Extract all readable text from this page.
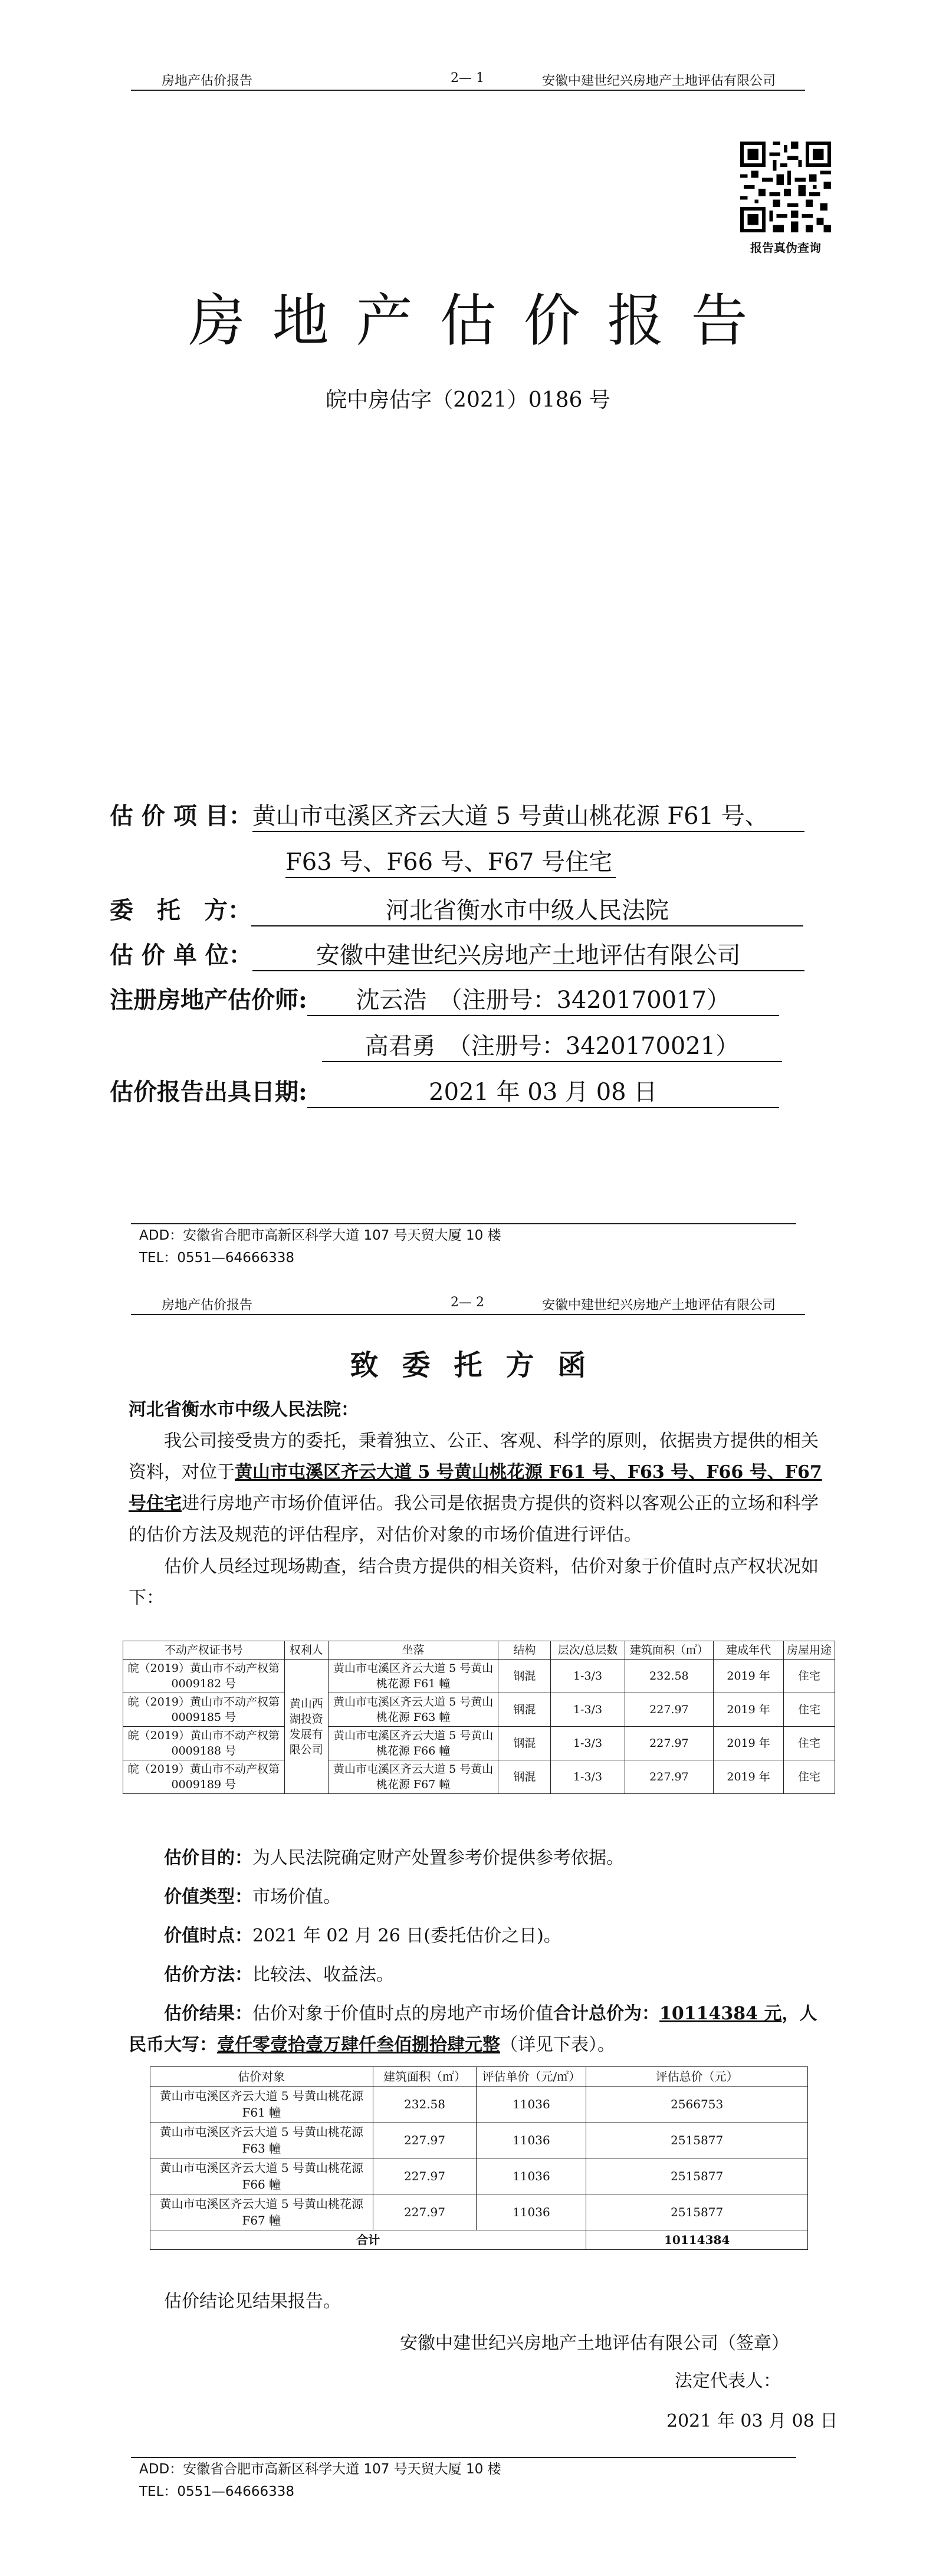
房地产估价报告	2— 1	安徽中建世纪兴房地产土地评估有限公司
报告真伪查询
房地产估价报告
皖中房估字（2021）0186 号
估 价 项 目：黄山市屯溪区齐云大道 5 号黄山桃花源 F61 号、
F63 号、F66 号、F67 号住宅
委　托　方：	河北省衡水市中级人民法院
估 价 单 位：	安徽中建世纪兴房地产土地评估有限公司
注册房地产估价师: 沈云浩　（注册号：3420170017）
高君勇　（注册号：3420170021）
估价报告出具日期:	2021 年 03 月 08 日
ADD：安徽省合肥市高新区科学大道 107 号天贸大厦 10 楼
TEL：0551—64666338
房地产估价报告	2— 2	安徽中建世纪兴房地产土地评估有限公司
致委托方函
河北省衡水市中级人民法院：
我公司接受贵方的委托，秉着独立、公正、客观、科学的原则，依据贵方提供的相关资料，对位于黄山市屯溪区齐云大道 5 号黄山桃花源 F61 号、F63 号、F66 号、F67 号住宅进行房地产市场价值评估。我公司是依据贵方提供的资料以客观公正的立场和科学的估价方法及规范的评估程序，对估价对象的市场价值进行评估。
估价人员经过现场勘查，结合贵方提供的相关资料，估价对象于价值时点产权状况如下：
不动产权证书号	权利人	坐落	结构	层次/总层数	建筑面积（㎡）	建成年代	房屋用途
皖（2019）黄山市不动产权第 0009182 号	黄山西湖投资发展有限公司	黄山市屯溪区齐云大道 5 号黄山桃花源 F61 幢	钢混	1-3/3	232.58	2019 年	住宅
皖（2019）黄山市不动产权第 0009185 号		黄山市屯溪区齐云大道 5 号黄山桃花源 F63 幢	钢混	1-3/3	227.97	2019 年	住宅
皖（2019）黄山市不动产权第 0009188 号		黄山市屯溪区齐云大道 5 号黄山桃花源 F66 幢	钢混	1-3/3	227.97	2019 年	住宅
皖（2019）黄山市不动产权第 0009189 号		黄山市屯溪区齐云大道 5 号黄山桃花源 F67 幢	钢混	1-3/3	227.97	2019 年	住宅
估价目的：为人民法院确定财产处置参考价提供参考依据。
价值类型：市场价值。
价值时点：2021 年 02 月 26 日(委托估价之日)。
估价方法：比较法、收益法。
估价结果：估价对象于价值时点的房地产市场价值合计总价为：10114384 元，人民币大写：壹仟零壹拾壹万肆仟叁佰捌拾肆元整（详见下表）。
估价对象	建筑面积（㎡）	评估单价（元/㎡）	评估总价（元）
黄山市屯溪区齐云大道 5 号黄山桃花源 F61 幢	232.58	11036	2566753
黄山市屯溪区齐云大道 5 号黄山桃花源 F63 幢	227.97	11036	2515877
黄山市屯溪区齐云大道 5 号黄山桃花源 F66 幢	227.97	11036	2515877
黄山市屯溪区齐云大道 5 号黄山桃花源 F67 幢	227.97	11036	2515877
合计			10114384
估价结论见结果报告。
安徽中建世纪兴房地产土地评估有限公司（签章）
法定代表人：
2021 年 03 月 08 日
ADD：安徽省合肥市高新区科学大道 107 号天贸大厦 10 楼
TEL：0551—64666338
